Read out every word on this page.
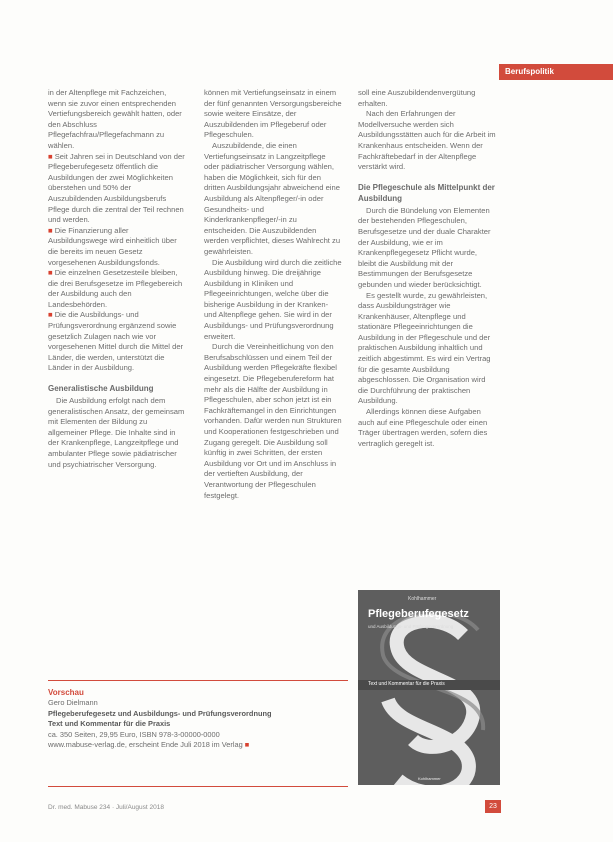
Berufspolitik

in der Altenpflege mit Fachzeichen, wenn sie zuvor einen entsprechenden Vertiefungsbereich gewählt hatten, oder den Abschluss Pflegefachfrau/Pflegefachmann zu wählen.

■ Seit Jahren sei in Deutschland von der Pflegeberufegesetz öffentlich die Ausbildungen der zwei Möglichkeiten überstehen und 50% der Auszubildenden Ausbildungsberufs Pflege durch die zentral der Teil rechnen und werden.

■ Die Finanzierung aller Ausbildungswege wird einheitlich über die bereits im neuen Gesetz vorgesehenen Ausbildungsfonds.

■ Die einzelnen Gesetzesteile bleiben, die drei Berufsgesetze im Pflegebereich der Ausbildung auch den Landesbehörden.

■ Die die Ausbildungs- und Prüfungsverordnung ergänzend sowie gesetzlich Zulagen nach wie vor vorgesehenen Mittel durch die Mittel der Länder, die werden, unterstützt die Länder in der Ausbildung.

Generalistische Ausbildung

Die Ausbildung erfolgt nach dem generalistischen Ansatz, der gemeinsam mit Elementen der Bildung zu allgemeiner Pflege. Die Inhalte sind in der Krankenpflege, Langzeitpflege und ambulanter Pflege sowie pädiatrischer und psychiatrischer Versorgung.

können mit Vertiefungseinsatz in einem der fünf genannten Versorgungsbereiche sowie weitere Einsätze, der Auszubildenden im Pflegeberuf oder Pflegeschulen.

Auszubildende, die einen Vertiefungseinsatz in Langzeitpflege oder pädiatrischer Versorgung wählen, haben die Möglichkeit, sich für den dritten Ausbildungsjahr abweichend eine Ausbildung als Altenpfleger/-in oder Gesundheits- und Kinderkrankenpfleger/-in zu entscheiden. Die Auszubildenden werden verpflichtet, dieses Wahlrecht zu gewährleisten.

Die Ausbildung wird durch die zeitliche Ausbildung hinweg. Die dreijährige Ausbildung in Kliniken und Pflegeeinrichtungen, welche über die bisherige Ausbildung in der Kranken- und Altenpflege gehen. Sie wird in der Ausbildungs- und Prüfungsverordnung erweitert.

Durch die Vereinheitlichung von den Berufsabschlüssen und einem Teil der Ausbildung werden Pflegekräfte flexibel eingesetzt. Die Pflegeberufereform hat mehr als die Hälfte der Ausbildung in Pflegeschulen, aber schon jetzt ist ein Fachkräftemangel in den Einrichtungen vorhanden. Dafür werden nun Strukturen und Kooperationen festgeschrieben und Zugang geregelt. Die Ausbildung soll künftig in zwei Schritten, der ersten Ausbildung vor Ort und im Anschluss in der vertieften Ausbildung, der Verantwortung der Pflegeschulen festgelegt.

soll eine Auszubildendenvergütung erhalten.

Nach den Erfahrungen der Modellversuche werden sich Ausbildungsstätten auch für die Arbeit im Krankenhaus entscheiden. Wenn der Fachkräftebedarf in der Altenpflege verstärkt wird.

Die Pflegeschule als Mittelpunkt der Ausbildung

Durch die Bündelung von Elementen der bestehenden Pflegeschulen, Berufsgesetze und der duale Charakter der Ausbildung, wie er im Krankenpflegegesetz Pflicht wurde, bleibt die Ausbildung mit der Bestimmungen der Berufsgesetze gebunden und wieder berücksichtigt.

Es gestellt wurde, zu gewährleisten, dass Ausbildungsträger wie Krankenhäuser, Altenpflege und stationäre Pflegeeinrichtungen die Ausbildung in der Pflegeschule und der praktischen Ausbildung inhaltlich und zeitlich abgestimmt. Es wird ein Vertrag für die gesamte Ausbildung abgeschlossen. Die Organisation wird die Durchführung der praktischen Ausbildung.

Allerdings können diese Aufgaben auch auf eine Pflegeschule oder einen Träger übertragen werden, sofern dies vertraglich geregelt ist.

Kohlhammer
Pflegeberufegesetz
und Ausbildungs- und Prüfungsverordnung
Text und Kommentar für die Praxis
Kohlhammer
Vorschau
Gero Dielmann
Pflegeberufegesetz und Ausbildungs- und Prüfungsverordnung
Text und Kommentar für die Praxis
ca. 350 Seiten, 29,95 Euro, ISBN 978-3-00000-0000
www.mabuse-verlag.de, erscheint Ende Juli 2018 im Verlag ■
Dr. med. Mabuse 234 · Juli/August 2018	23
